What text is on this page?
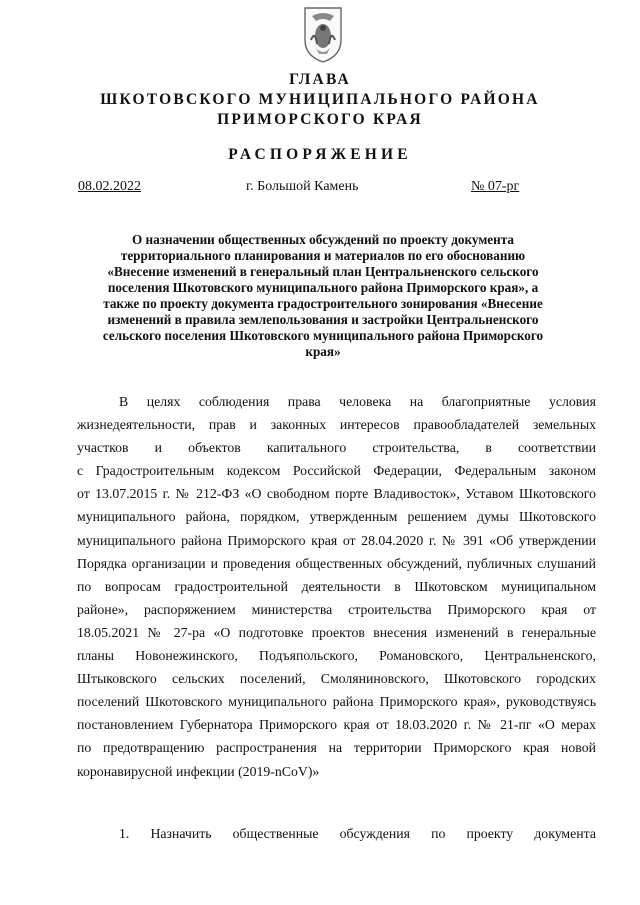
ГЛАВА
ШКОТОВСКОГО МУНИЦИПАЛЬНОГО РАЙОНА
ПРИМОРСКОГО КРАЯ
РАСПОРЯЖЕНИЕ
08.02.2022	г. Большой Камень	№ 07-рг
О назначении общественных обсуждений по проекту документа
территориального планирования и материалов по его обоснованию
«Внесение изменений в генеральный план Центральненского сельского
поселения Шкотовского муниципального района Приморского края», а
также по проекту документа градостроительного зонирования «Внесение
изменений в правила землепользования и застройки Центральненского
сельского поселения Шкотовского муниципального района Приморского
края»
В целях соблюдения права человека на благоприятные условия
жизнедеятельности, прав и законных интересов правообладателей земельных
участков и объектов капитального строительства, в соответствии
с Градостроительным кодексом Российской Федерации, Федеральным законом
от 13.07.2015 г. № 212-ФЗ «О свободном порте Владивосток», Уставом Шкотовского
муниципального района, порядком, утвержденным решением думы Шкотовского
муниципального района Приморского края от 28.04.2020 г. № 391 «Об утверждении
Порядка организации и проведения общественных обсуждений, публичных слушаний
по вопросам градостроительной деятельности в Шкотовском муниципальном
районе», распоряжением министерства строительства Приморского края от
18.05.2021 № 27-ра «О подготовке проектов внесения изменений в генеральные
планы Новонежинского, Подъяпольского, Романовского, Центральненского,
Штыковского сельских поселений, Смоляниновского, Шкотовского городских
поселений Шкотовского муниципального района Приморского края», руководствуясь
постановлением Губернатора Приморского края от 18.03.2020 г. № 21-пг «О мерах
по предотвращению распространения на территории Приморского края новой
коронавирусной инфекции (2019-nCoV)»
1. Назначить общественные обсуждения по проекту документа
